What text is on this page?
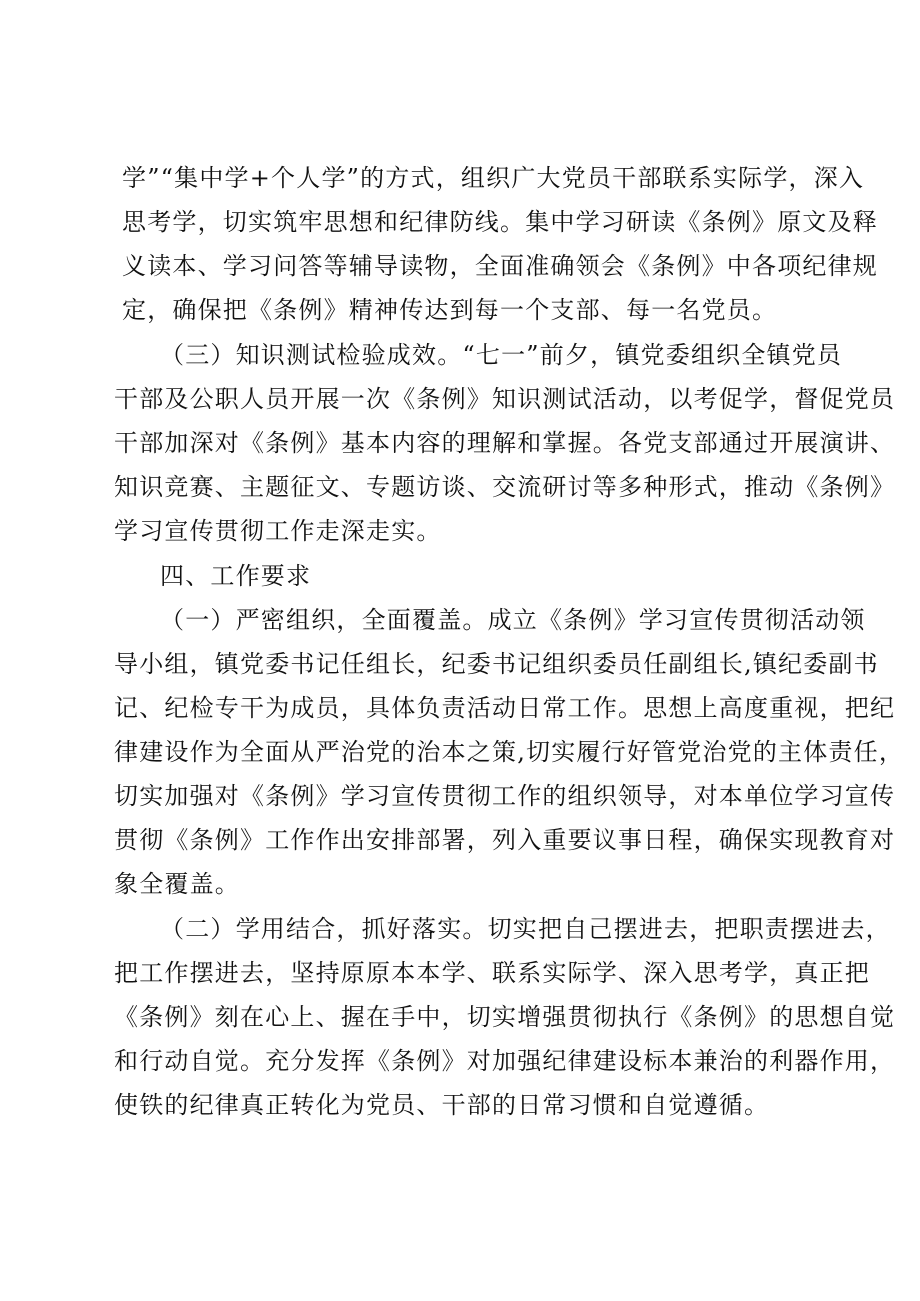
学”“集中学+个人学”的方式，组织广大党员干部联系实际学，深入
思考学，切实筑牢思想和纪律防线。集中学习研读《条例》原文及释
义读本、学习问答等辅导读物，全面准确领会《条例》中各项纪律规
定，确保把《条例》精神传达到每一个支部、每一名党员。
（三）知识测试检验成效。“七一”前夕，镇党委组织全镇党员
干部及公职人员开展一次《条例》知识测试活动，以考促学，督促党员
干部加深对《条例》基本内容的理解和掌握。各党支部通过开展演讲、
知识竞赛、主题征文、专题访谈、交流研讨等多种形式，推动《条例》
学习宣传贯彻工作走深走实。
四、工作要求
（一）严密组织，全面覆盖。成立《条例》学习宣传贯彻活动领
导小组，镇党委书记任组长，纪委书记组织委员任副组长,镇纪委副书
记、纪检专干为成员，具体负责活动日常工作。思想上高度重视，把纪
律建设作为全面从严治党的治本之策,切实履行好管党治党的主体责任，
切实加强对《条例》学习宣传贯彻工作的组织领导，对本单位学习宣传
贯彻《条例》工作作出安排部署，列入重要议事日程，确保实现教育对
象全覆盖。
（二）学用结合，抓好落实。切实把自己摆进去，把职责摆进去，
把工作摆进去，坚持原原本本学、联系实际学、深入思考学，真正把
《条例》刻在心上、握在手中，切实增强贯彻执行《条例》的思想自觉
和行动自觉。充分发挥《条例》对加强纪律建设标本兼治的利器作用，
使铁的纪律真正转化为党员、干部的日常习惯和自觉遵循。
